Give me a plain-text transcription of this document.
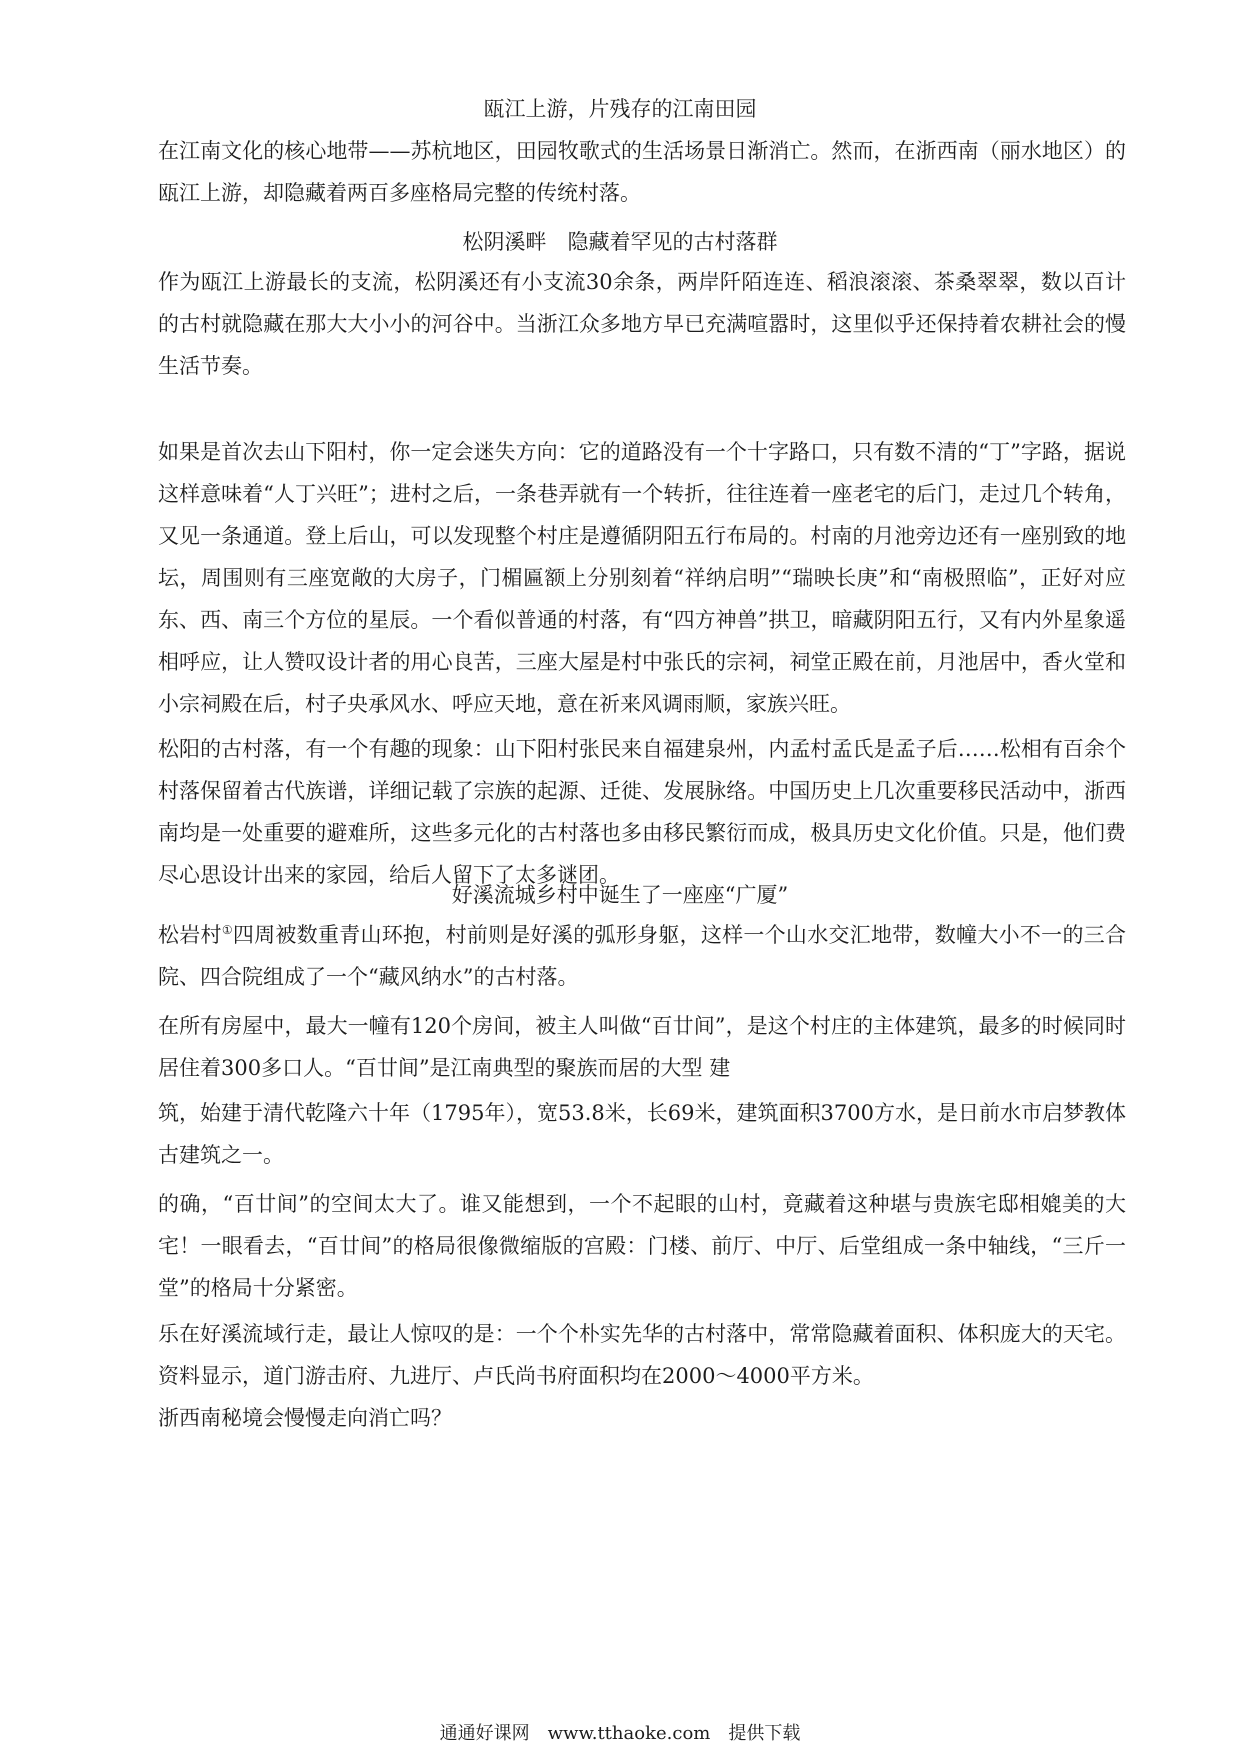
瓯江上游，片残存的江南田园

在江南文化的核心地带——苏杭地区，田园牧歌式的生活场景日渐消亡。然而，在浙西南（丽水地区）的瓯江上游，却隐藏着两百多座格局完整的传统村落。

松阴溪畔　隐藏着罕见的古村落群

作为瓯江上游最长的支流，松阴溪还有小支流30余条，两岸阡陌连连、稻浪滚滚、茶桑翠翠，数以百计的古村就隐藏在那大大小小的河谷中。当浙江众多地方早已充满喧嚣时，这里似乎还保持着农耕社会的慢生活节奏。

如果是首次去山下阳村，你一定会迷失方向：它的道路没有一个十字路口，只有数不清的“丁”字路，据说这样意味着“人丁兴旺”；进村之后，一条巷弄就有一个转折，往往连着一座老宅的后门，走过几个转角，又见一条通道。登上后山，可以发现整个村庄是遵循阴阳五行布局的。村南的月池旁边还有一座别致的地坛，周围则有三座宽敞的大房子，门楣匾额上分别刻着“祥纳启明”“瑞映长庚”和“南极照临”，正好对应东、西、南三个方位的星辰。一个看似普通的村落，有“四方神兽”拱卫，暗藏阴阳五行，又有内外星象遥相呼应，让人赞叹设计者的用心良苦，三座大屋是村中张氏的宗祠，祠堂正殿在前，月池居中，香火堂和小宗祠殿在后，村子央承风水、呼应天地，意在祈来风调雨顺，家族兴旺。

松阳的古村落，有一个有趣的现象：山下阳村张民来自福建泉州，内孟村孟氏是孟子后……松相有百余个村落保留着古代族谱，详细记载了宗族的起源、迁徙、发展脉络。中国历史上几次重要移民活动中，浙西南均是一处重要的避难所，这些多元化的古村落也多由移民繁衍而成，极具历史文化价值。只是，他们费尽心思设计出来的家园，给后人留下了太多谜团。

好溪流城乡村中诞生了一座座“广厦”

松岩村①四周被数重青山环抱，村前则是好溪的弧形身躯，这样一个山水交汇地带，数幢大小不一的三合院、四合院组成了一个“藏风纳水”的古村落。

在所有房屋中，最大一幢有120个房间，被主人叫做“百廿间”，是这个村庄的主体建筑，最多的时候同时居住着300多口人。“百廿间”是江南典型的聚族而居的大型 建

筑，始建于清代乾隆六十年（1795年），宽53.8米，长69米，建筑面积3700方水，是日前水市启梦教体古建筑之一。

的确，“百廿间”的空间太大了。谁又能想到，一个不起眼的山村，竟藏着这种堪与贵族宅邸相媲美的大宅！一眼看去，“百廿间”的格局很像微缩版的宫殿：门楼、前厅、中厅、后堂组成一条中轴线，“三斤一堂”的格局十分紧密。

乐在好溪流域行走，最让人惊叹的是：一个个朴实先华的古村落中，常常隐藏着面积、体积庞大的天宅。资料显示，道门游击府、九进厅、卢氏尚书府面积均在2000～4000平方米。

浙西南秘境会慢慢走向消亡吗？

通通好课网　www.tthaoke.com　提供下载
